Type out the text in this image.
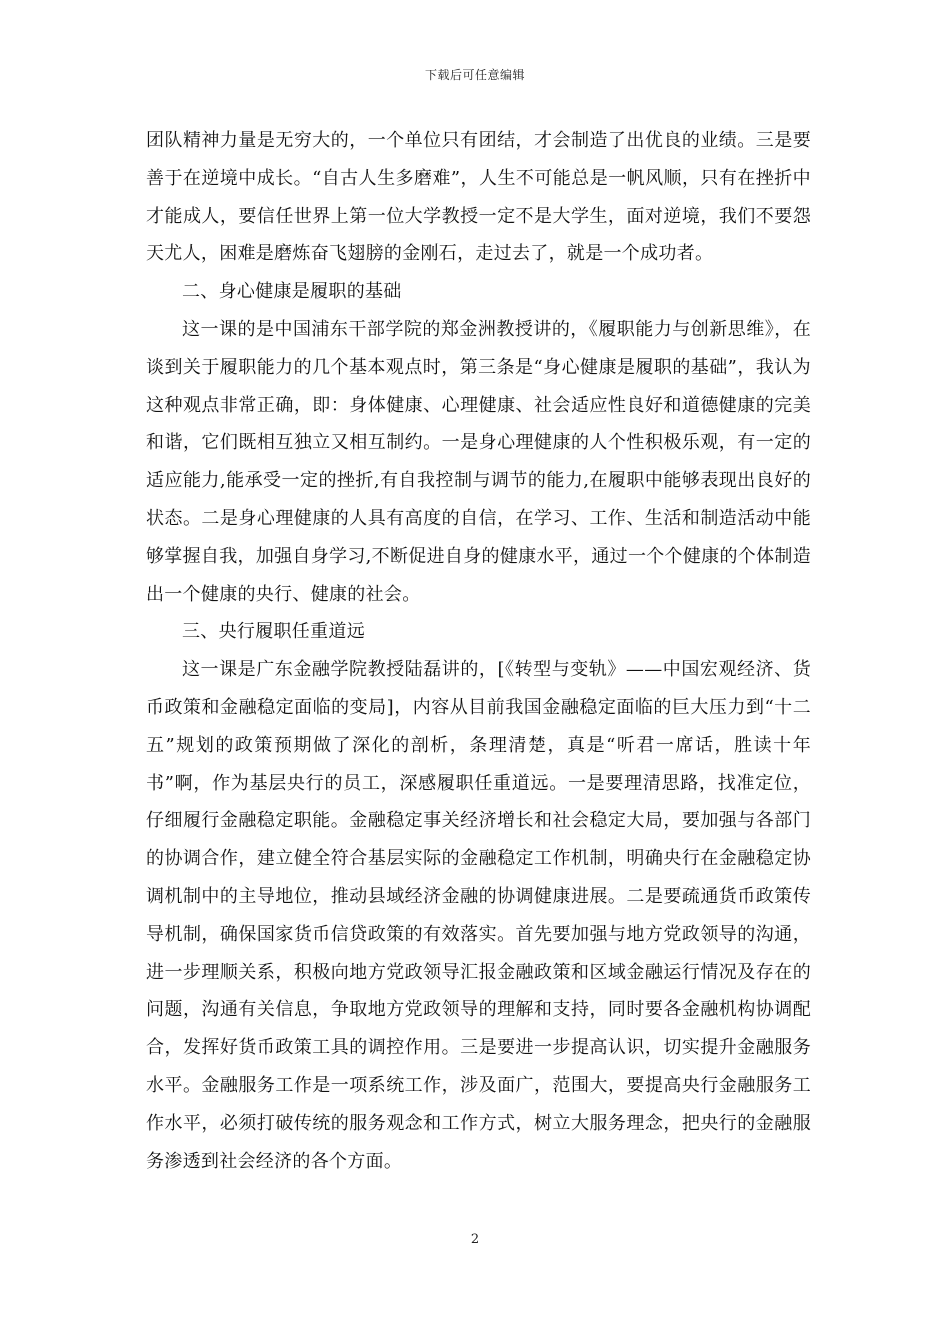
下载后可任意编辑

团队精神力量是无穷大的，一个单位只有团结，才会制造了出优良的业绩。三是要善于在逆境中成长。“自古人生多磨难”，人生不可能总是一帆风顺，只有在挫折中才能成人，要信任世界上第一位大学教授一定不是大学生，面对逆境，我们不要怨天尤人，困难是磨炼奋飞翅膀的金刚石，走过去了，就是一个成功者。

二、身心健康是履职的基础

这一课的是中国浦东干部学院的郑金洲教授讲的，《履职能力与创新思维》，在谈到关于履职能力的几个基本观点时，第三条是“身心健康是履职的基础”，我认为这种观点非常正确，即：身体健康、心理健康、社会适应性良好和道德健康的完美和谐，它们既相互独立又相互制约。一是身心理健康的人个性积极乐观，有一定的适应能力,能承受一定的挫折,有自我控制与调节的能力,在履职中能够表现出良好的状态。二是身心理健康的人具有高度的自信，在学习、工作、生活和制造活动中能够掌握自我，加强自身学习,不断促进自身的健康水平，通过一个个健康的个体制造出一个健康的央行、健康的社会。

三、央行履职任重道远

这一课是广东金融学院教授陆磊讲的，[《转型与变轨》——中国宏观经济、货币政策和金融稳定面临的变局]，内容从目前我国金融稳定面临的巨大压力到“十二五”规划的政策预期做了深化的剖析，条理清楚，真是“听君一席话，胜读十年书”啊，作为基层央行的员工，深感履职任重道远。一是要理清思路，找准定位，仔细履行金融稳定职能。金融稳定事关经济增长和社会稳定大局，要加强与各部门的协调合作，建立健全符合基层实际的金融稳定工作机制，明确央行在金融稳定协调机制中的主导地位，推动县域经济金融的协调健康进展。二是要疏通货币政策传导机制，确保国家货币信贷政策的有效落实。首先要加强与地方党政领导的沟通，进一步理顺关系，积极向地方党政领导汇报金融政策和区域金融运行情况及存在的问题，沟通有关信息，争取地方党政领导的理解和支持，同时要各金融机构协调配合，发挥好货币政策工具的调控作用。三是要进一步提高认识，切实提升金融服务水平。金融服务工作是一项系统工作，涉及面广，范围大，要提高央行金融服务工作水平，必须打破传统的服务观念和工作方式，树立大服务理念，把央行的金融服务渗透到社会经济的各个方面。

2
